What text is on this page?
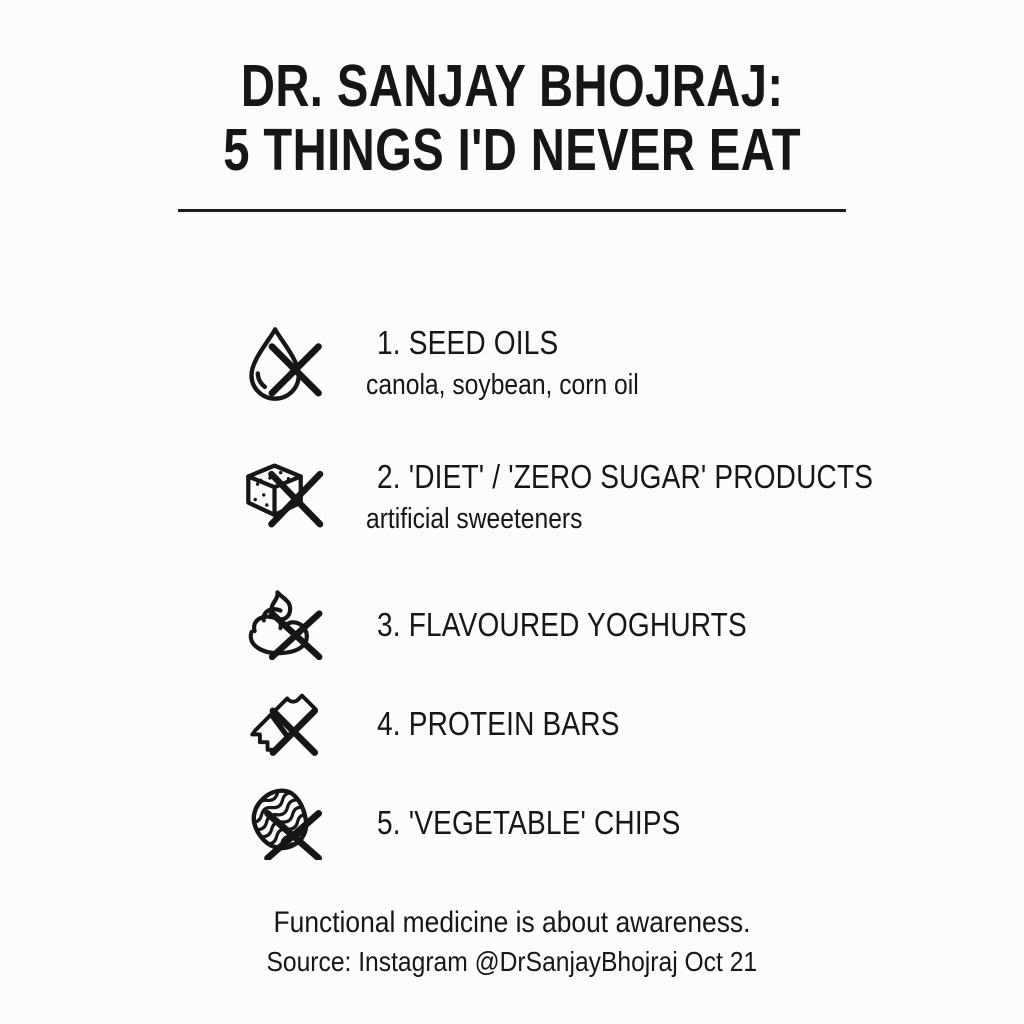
DR. SANJAY BHOJRAJ:
5 THINGS I'D NEVER EAT
1. SEED OILS
canola, soybean, corn oil
2. 'DIET' / 'ZERO SUGAR' PRODUCTS
artificial sweeteners
3. FLAVOURED YOGHURTS
4. PROTEIN BARS
5. 'VEGETABLE' CHIPS
Functional medicine is about awareness.
Source: Instagram @DrSanjayBhojraj Oct 21
